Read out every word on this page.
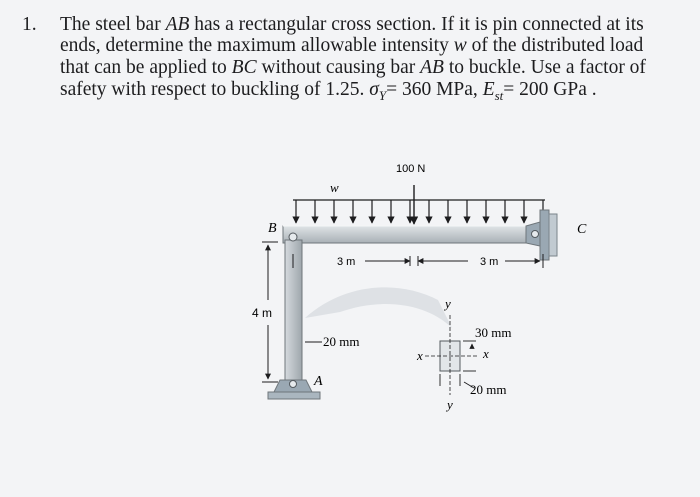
1. The steel bar AB has a rectangular cross section. If it is pin connected at its
ends, determine the maximum allowable intensity w of the distributed load
that can be applied to BC without causing bar AB to buckle. Use a factor of
safety with respect to buckling of 1.25. $\sigma_Y= 360$ MPa, $E_{st}= 200$ GPa .
100 N
w
C
B
A
4 m
3 m	3 m
y
x	x
y
30 mm
20 mm
20 mm
